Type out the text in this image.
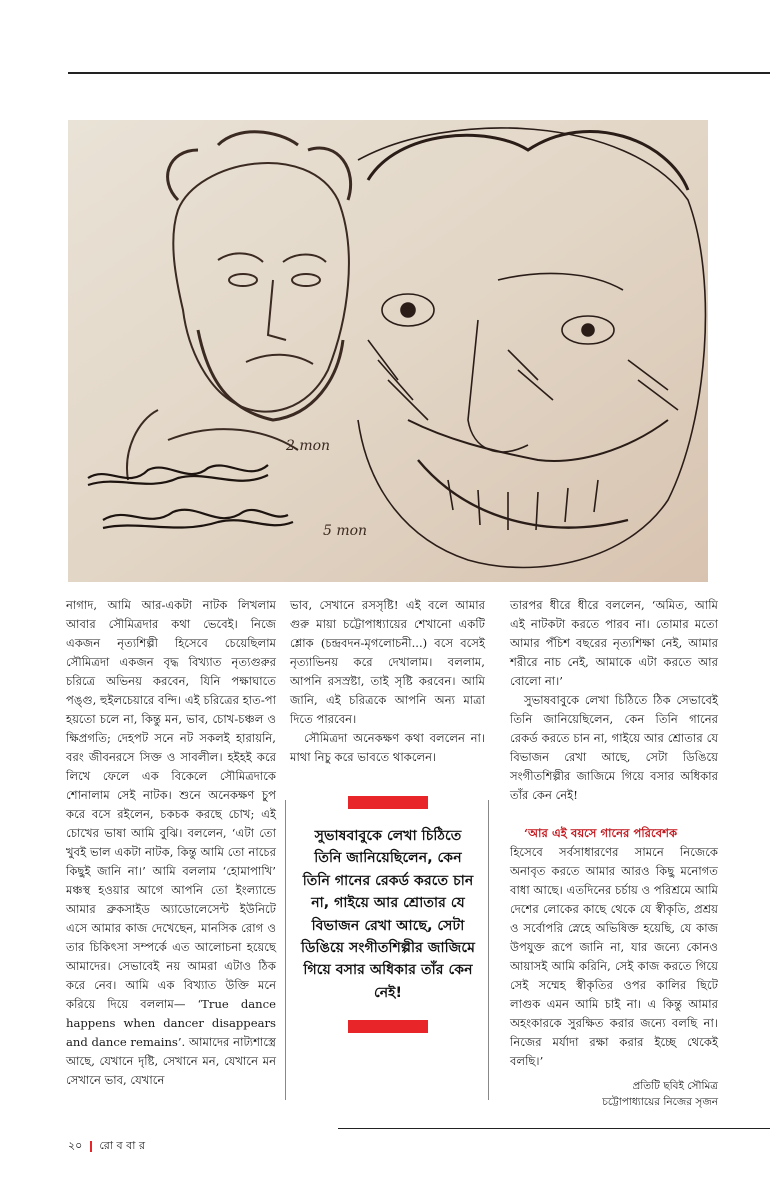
2 mon
5 mon

নাগাদ, আমি আর-একটা নাটক লিখলাম আবার সৌমিত্রদার কথা ভেবেই। নিজে একজন নৃত্যশিল্পী হিসেবে চেয়েছিলাম সৌমিত্রদা একজন বৃদ্ধ বিখ্যাত নৃত্যগুরুর চরিত্রে অভিনয় করবেন, যিনি পক্ষাঘাতে পঙ্গু, হুইলচেয়ারে বন্দি। এই চরিত্রের হাত-পা হয়তো চলে না, কিন্তু মন, ভাব, চোখ-চঞ্চল ও ক্ষিপ্রগতি; দেহপট সনে নট সকলই হারায়নি, বরং জীবনরসে সিক্ত ও সাবলীল। হইহই করে লিখে ফেলে এক বিকেলে সৌমিত্রদাকে শোনালাম সেই নাটক। শুনে অনেকক্ষণ চুপ করে বসে রইলেন, চকচক করছে চোখ; এই চোখের ভাষা আমি বুঝি। বললেন, ‘এটা তো খুবই ভাল একটা নাটক, কিন্তু আমি তো নাচের কিছুই জানি না।’ আমি বললাম ‘হোমাপাখি’ মঞ্চস্থ হওয়ার আগে আপনি তো ইংল্যান্ডে আমার ব্রুকসাইড অ্যাডোলেসেন্ট ইউনিটে এসে আমার কাজ দেখেছেন, মানসিক রোগ ও তার চিকিৎসা সম্পর্কে এত আলোচনা হয়েছে আমাদের। সেভাবেই নয় আমরা এটাও ঠিক করে নেব। আমি এক বিখ্যাত উক্তি মনে করিয়ে দিয়ে বললাম— ‘True dance happens when dancer disappears and dance remains’. আমাদের নাট্যশাস্ত্রে আছে, যেখানে দৃষ্টি, সেখানে মন, যেখানে মন সেখানে ভাব, যেখানে

ভাব, সেখানে রসসৃষ্টি! এই বলে আমার গুরু মায়া চট্টোপাধ্যায়ের শেখানো একটি শ্লোক (চন্দ্রবদন-মৃগলোচনী...) বসে বসেই নৃত্যাভিনয় করে দেখালাম। বললাম, আপনি রসস্রষ্টা, তাই সৃষ্টি করবেন। আমি জানি, এই চরিত্রকে আপনি অন্য মাত্রা দিতে পারবেন।

সৌমিত্রদা অনেকক্ষণ কথা বললেন না। মাথা নিচু করে ভাবতে থাকলেন।

সুভাষবাবুকে লেখা চিঠিতে তিনি জানিয়েছিলেন, কেন তিনি গানের রেকর্ড করতে চান না, গাইয়ে আর শ্রোতার যে বিভাজন রেখা আছে, সেটা ডিঙিয়ে সংগীতশিল্পীর জাজিমে গিয়ে বসার অধিকার তাঁর কেন নেই!

তারপর ধীরে ধীরে বললেন, ‘অমিত, আমি এই নাটকটা করতে পারব না। তোমার মতো আমার পঁচিশ বছরের নৃত্যশিক্ষা নেই, আমার শরীরে নাচ নেই, আমাকে এটা করতে আর বোলো না।’

সুভাষবাবুকে লেখা চিঠিতে ঠিক সেভাবেই তিনি জানিয়েছিলেন, কেন তিনি গানের রেকর্ড করতে চান না, গাইয়ে আর শ্রোতার যে বিভাজন রেখা আছে, সেটা ডিঙিয়ে সংগীতশিল্পীর জাজিমে গিয়ে বসার অধিকার তাঁর কেন নেই!

‘আর এই বয়সে গানের পরিবেশক

হিসেবে সর্বসাধারণের সামনে নিজেকে অনাবৃত করতে আমার আরও কিছু মনোগত বাধা আছে। এতদিনের চর্চায় ও পরিশ্রমে আমি দেশের লোকের কাছে থেকে যে স্বীকৃতি, প্রশ্রয় ও সর্বোপরি স্নেহে অভিষিক্ত হয়েছি, যে কাজ উপযুক্ত রূপে জানি না, যার জন্যে কোনও আয়াসই আমি করিনি, সেই কাজ করতে গিয়ে সেই সম্মেহ স্বীকৃতির ওপর কালির ছিটে লাগুক এমন আমি চাই না। এ কিন্তু আমার অহংকারকে সুরক্ষিত করার জন্যে বলছি না। নিজের মর্যাদা রক্ষা করার ইচ্ছে থেকেই বলছি।’

প্রতিটি ছবিই সৌমিত্র
চট্টোপাধ্যায়ের নিজের সৃজন
২০ রো ব বা র
